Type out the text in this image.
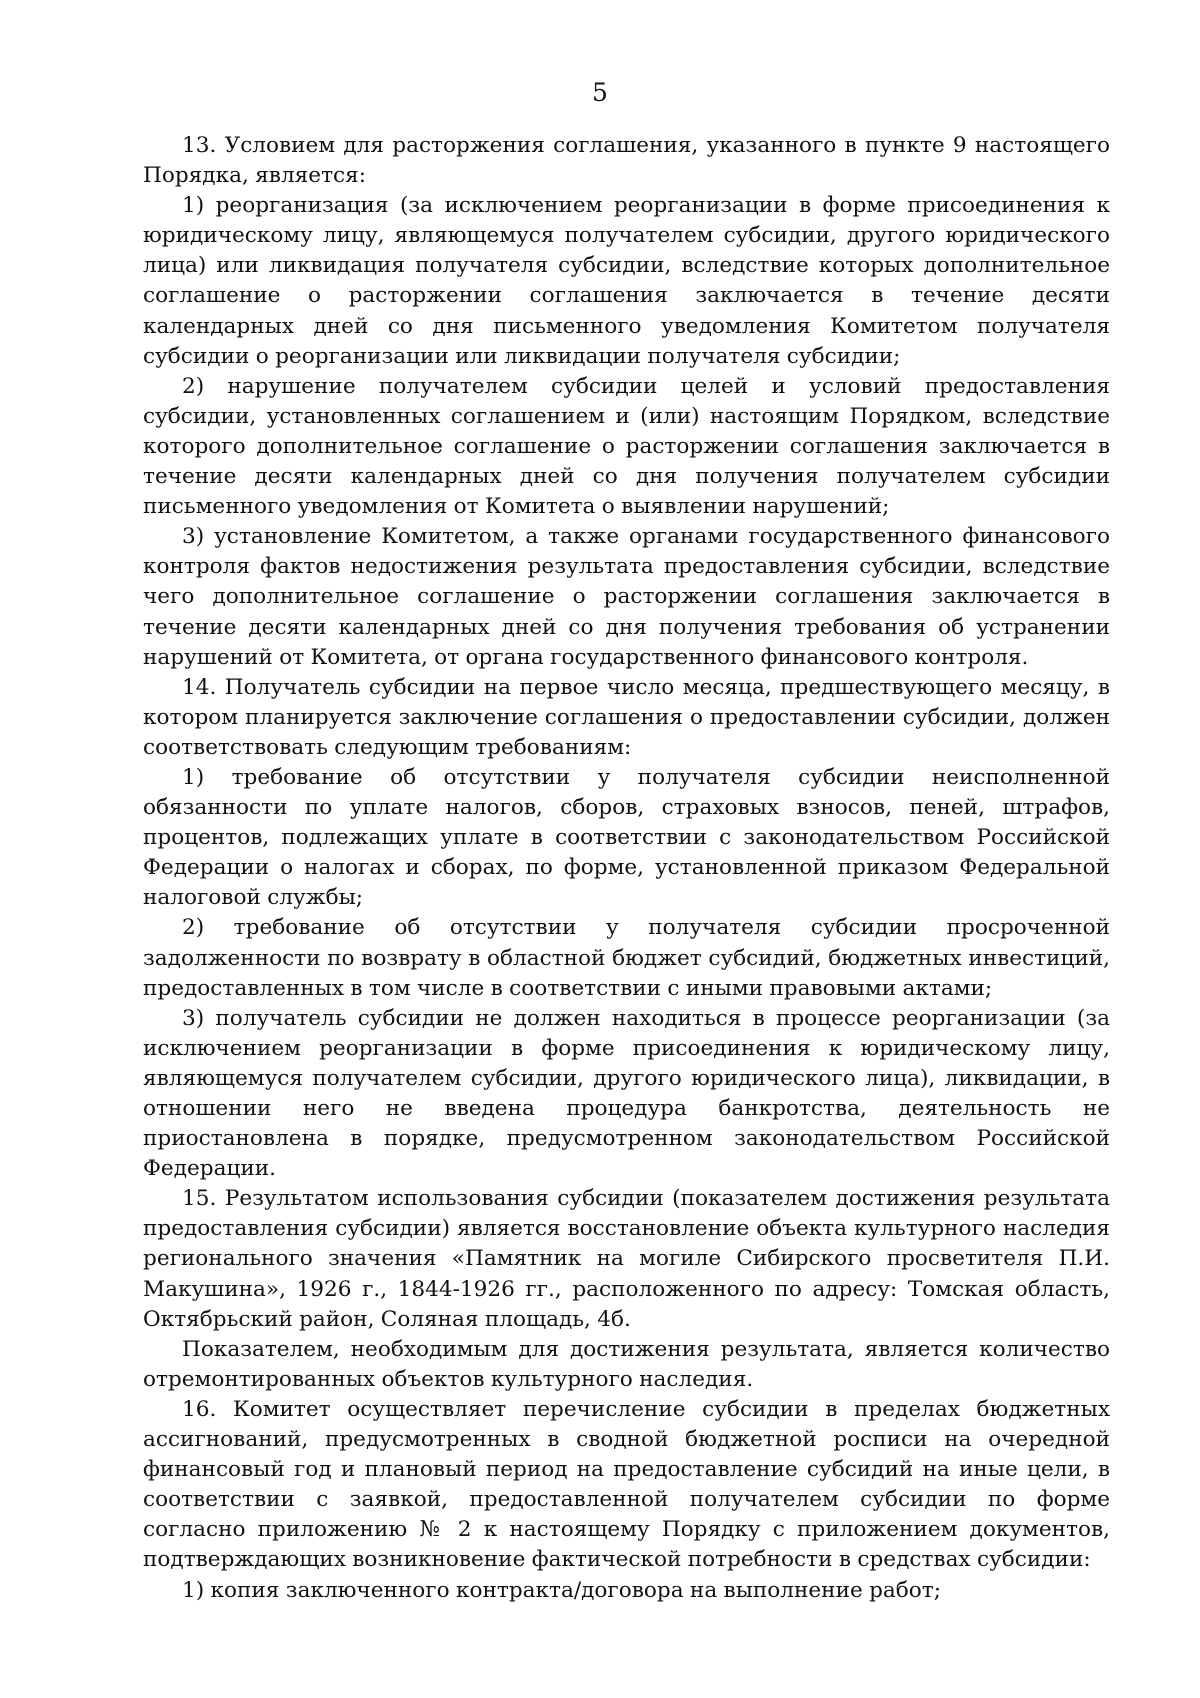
5

13. Условием для расторжения соглашения, указанного в пункте 9 настоящего Порядка, является:

1) реорганизация (за исключением реорганизации в форме присоединения к юридическому лицу, являющемуся получателем субсидии, другого юридического лица) или ликвидация получателя субсидии, вследствие которых дополнительное соглашение о расторжении соглашения заключается в течение десяти календарных дней со дня письменного уведомления Комитетом получателя субсидии о реорганизации или ликвидации получателя субсидии;

2) нарушение получателем субсидии целей и условий предоставления субсидии, установленных соглашением и (или) настоящим Порядком, вследствие которого дополнительное соглашение о расторжении соглашения заключается в течение десяти календарных дней со дня получения получателем субсидии письменного уведомления от Комитета о выявлении нарушений;

3) установление Комитетом, а также органами государственного финансового контроля фактов недостижения результата предоставления субсидии, вследствие чего дополнительное соглашение о расторжении соглашения заключается в течение десяти календарных дней со дня получения требования об устранении нарушений от Комитета, от органа государственного финансового контроля.

14. Получатель субсидии на первое число месяца, предшествующего месяцу, в котором планируется заключение соглашения о предоставлении субсидии, должен соответствовать следующим требованиям:

1) требование об отсутствии у получателя субсидии неисполненной обязанности по уплате налогов, сборов, страховых взносов, пеней, штрафов, процентов, подлежащих уплате в соответствии с законодательством Российской Федерации о налогах и сборах, по форме, установленной приказом Федеральной налоговой службы;

2) требование об отсутствии у получателя субсидии просроченной задолженности по возврату в областной бюджет субсидий, бюджетных инвестиций, предоставленных в том числе в соответствии с иными правовыми актами;

3) получатель субсидии не должен находиться в процессе реорганизации (за исключением реорганизации в форме присоединения к юридическому лицу, являющемуся получателем субсидии, другого юридического лица), ликвидации, в отношении него не введена процедура банкротства, деятельность не приостановлена в порядке, предусмотренном законодательством Российской Федерации.

15. Результатом использования субсидии (показателем достижения результата предоставления субсидии) является восстановление объекта культурного наследия регионального значения «Памятник на могиле Сибирского просветителя П.И. Макушина», 1926 г., 1844-1926 гг., расположенного по адресу: Томская область, Октябрьский район, Соляная площадь, 4б.

Показателем, необходимым для достижения результата, является количество отремонтированных объектов культурного наследия.

16. Комитет осуществляет перечисление субсидии в пределах бюджетных ассигнований, предусмотренных в сводной бюджетной росписи на очередной финансовый год и плановый период на предоставление субсидий на иные цели, в соответствии с заявкой, предоставленной получателем субсидии по форме согласно приложению № 2 к настоящему Порядку с приложением документов, подтверждающих возникновение фактической потребности в средствах субсидии:

1) копия заключенного контракта/договора на выполнение работ;
